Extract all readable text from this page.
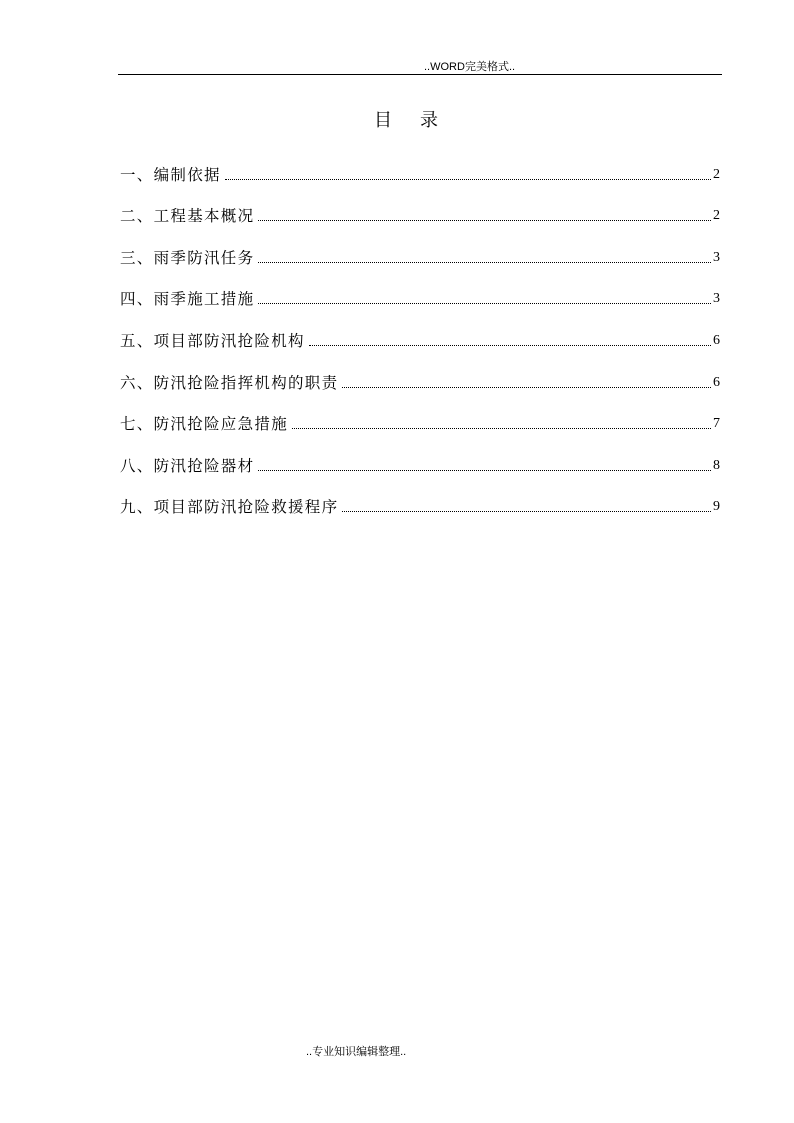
..WORD完美格式..
目录
一、编制依据	2
二、工程基本概况	2
三、雨季防汛任务	3
四、雨季施工措施	3
五、项目部防汛抢险机构	6
六、防汛抢险指挥机构的职责	6
七、防汛抢险应急措施	7
八、防汛抢险器材	8
九、项目部防汛抢险救援程序	9
..专业知识编辑整理..
